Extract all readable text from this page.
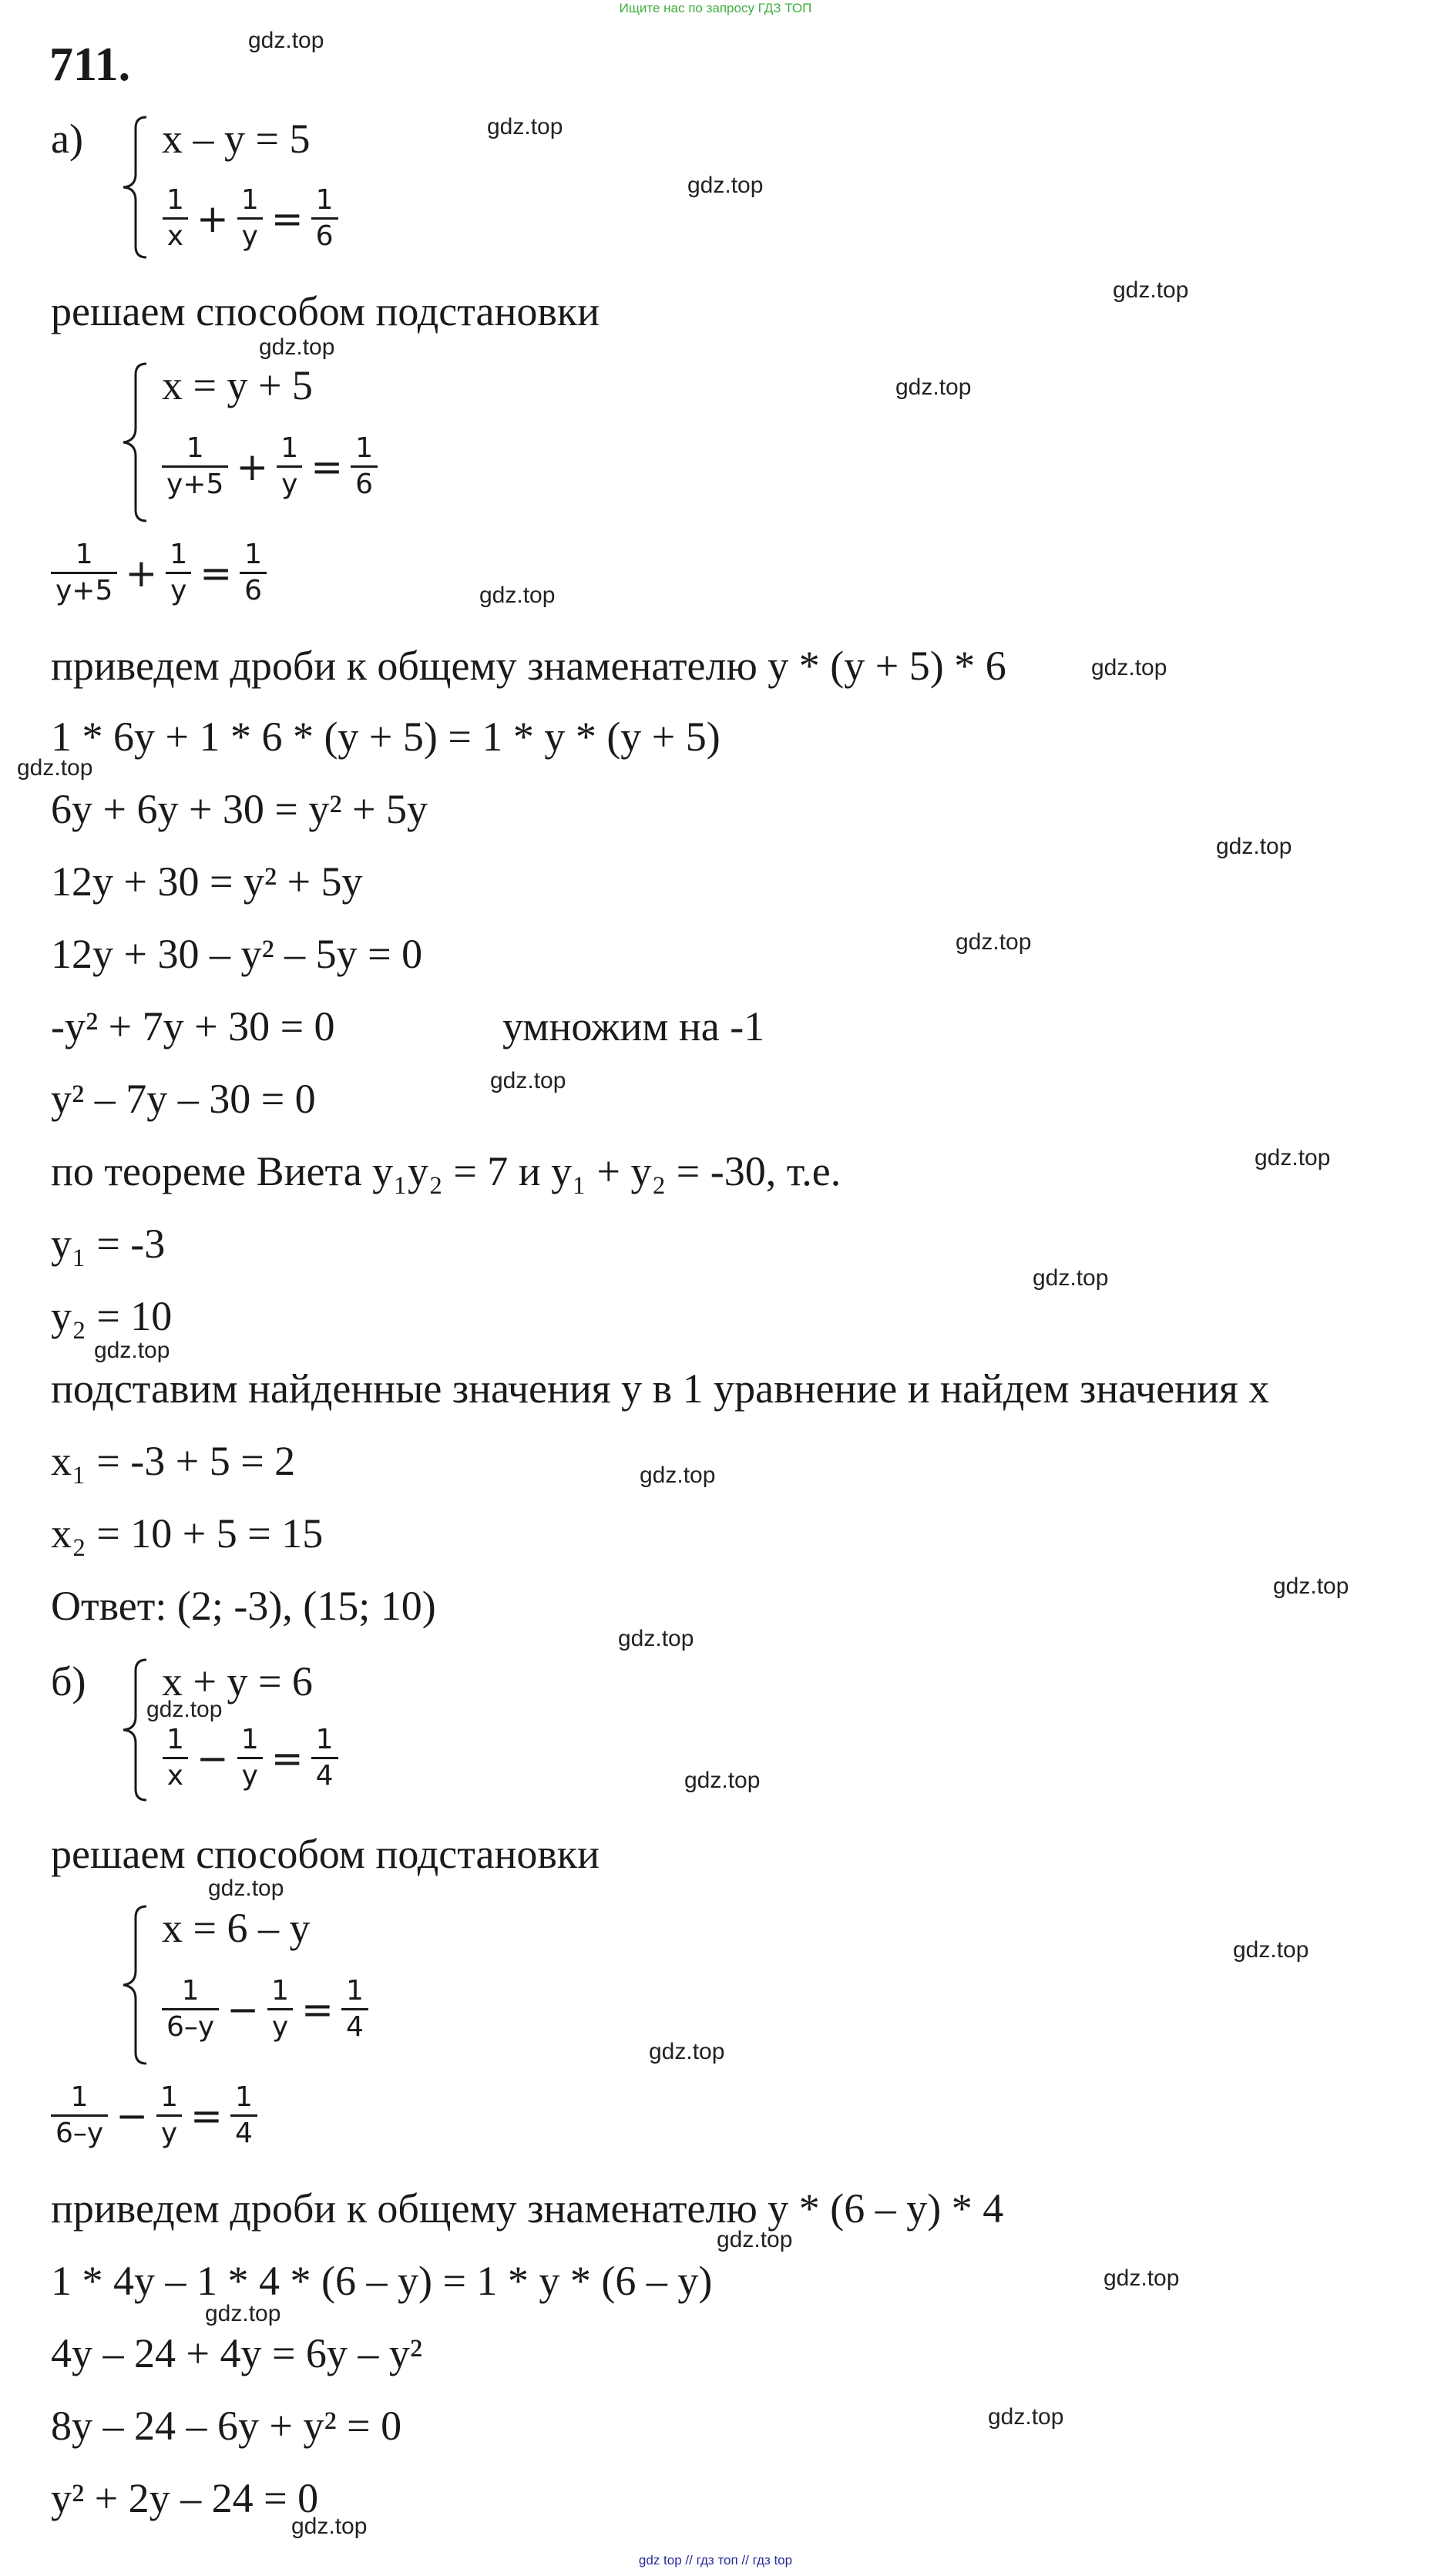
Ищите нас по запросу ГДЗ ТОП
711.
а) x – y = 5
$\frac{1}{x} + \frac{1}{y} = \frac{1}{6}$
решаем способом подстановки
x = y + 5
$\frac{1}{y+5} + \frac{1}{y} = \frac{1}{6}$
$\frac{1}{y+5} + \frac{1}{y} = \frac{1}{6}$
приведем дроби к общему знаменателю y * (y + 5) * 6
1 * 6y + 1 * 6 * (y + 5) = 1 * y * (y + 5)
6y + 6y + 30 = y² + 5y
12y + 30 = y² + 5y
12y + 30 – y² – 5y = 0
-y² + 7y + 30 = 0	умножим на -1
y² – 7y – 30 = 0
по теореме Виета y₁y₂ = 7 и y₁ + y₂ = -30, т.е.
y₁ = -3
y₂ = 10
подставим найденные значения y в 1 уравнение и найдем значения x
x₁ = -3 + 5 = 2
x₂ = 10 + 5 = 15
Ответ: (2; -3), (15; 10)
б) x + y = 6
$\frac{1}{x} - \frac{1}{y} = \frac{1}{4}$
решаем способом подстановки
x = 6 – y
$\frac{1}{6-y} - \frac{1}{y} = \frac{1}{4}$
$\frac{1}{6-y} - \frac{1}{y} = \frac{1}{4}$
приведем дроби к общему знаменателю y * (6 – y) * 4
1 * 4y – 1 * 4 * (6 – y) = 1 * y * (6 – y)
4y – 24 + 4y = 6y – y²
8y – 24 – 6y + y² = 0
y² + 2y – 24 = 0
gdz.top
gdz.top
gdz.top
gdz.top
gdz.top
gdz.top
gdz.top
gdz.top
gdz.top
gdz.top
gdz.top
gdz.top
gdz.top
gdz.top
gdz.top
gdz.top
gdz.top
gdz.top
gdz.top
gdz.top
gdz.top
gdz.top
gdz.top
gdz.top
gdz.top
gdz.top
gdz.top
gdz.top
gdz top // гдз топ // гдз top
